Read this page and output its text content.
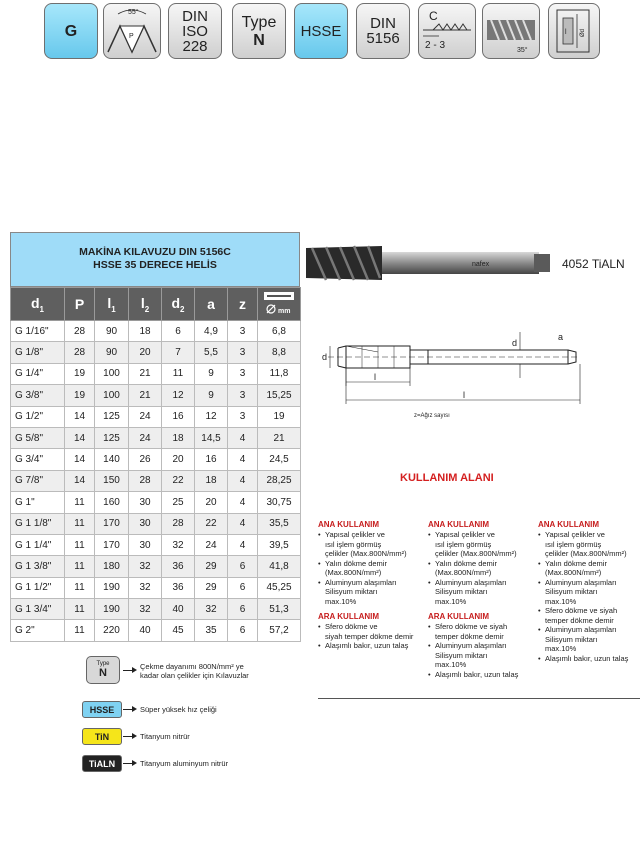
G
55°
P
DIN
ISO
228
Type
N
HSSE DIN
5156
C
2 - 3	35°
l Ød
MAKİNA KILAVUZU DIN 5156C
HSSE 35 DERECE HELİS
$d_1$	P	$l_1$	$l_2$	$d_2$	a	z	mm

G 1/16"	28	90	18	6	4,9	3	6,8
G 1/8"	28	90	20	7	5,5	3	8,8
G 1/4"	19	100	21	11	9	3	11,8
G 3/8"	19	100	21	12	9	3	15,25
G 1/2"	14	125	24	16	12	3	19
G 5/8"	14	125	24	18	14,5	4	21
G 3/4"	14	140	26	20	16	4	24,5
G 7/8"	14	150	28	22	18	4	28,25
G 1"	11	160	30	25	20	4	30,75
G 1 1/8"	11	170	30	28	22	4	35,5
G 1 1/4"	11	170	30	32	24	4	39,5
G 1 3/8"	11	180	32	36	29	6	41,8
G 1 1/2"	11	190	32	36	29	6	45,25
G 1 3/4"	11	190	32	40	32	6	51,3
G 2"	11	220	40	45	35	6	57,2
nafex	4052 TiALN
d
d
a
l
l
z=Ağız sayısı
KULLANIM ALANI
ANA KULLANIM
• Yapısal çelikler ve
ısıl işlem görmüş
çelikler (Max.800N/mm²)
• Yalın dökme demir
(Max.800N/mm²)
• Aluminyum alaşımları
Silisyum miktarı
max.10%
ARA KULLANIM
• Sfero dökme ve
siyah temper dökme demir
• Alaşımlı bakır, uzun talaş
ANA KULLANIM
• Yapısal çelikler ve
ısıl işlem görmüş
çelikler (Max.800N/mm²)
• Yalın dökme demir
(Max.800N/mm²)
• Aluminyum alaşımları
Silisyum miktarı
max.10%
ARA KULLANIM
• Sfero dökme ve siyah
temper dökme demir
• Aluminyum alaşımları
Silisyum miktarı
max.10%
• Alaşımlı bakır, uzun talaş
ANA KULLANIM
• Yapısal çelikler ve
ısıl işlem görmüş
çelikler (Max.800N/mm²)
• Yalın dökme demir
(Max.800N/mm²)
• Aluminyum alaşımları
Silisyum miktarı
max.10%
• Sfero dökme ve siyah
temper dökme demir
• Aluminyum alaşımları
Silisyum miktarı
max.10%
• Alaşımlı bakır, uzun talaş
Type
N
Çekme dayanımı 800N/mm² ye
kadar olan çelikler için Kılavuzlar
HSSE	Süper yüksek hız çeliği
TiN	Titanyum nitrür
TiALN	Titanyum aluminyum nitrür
